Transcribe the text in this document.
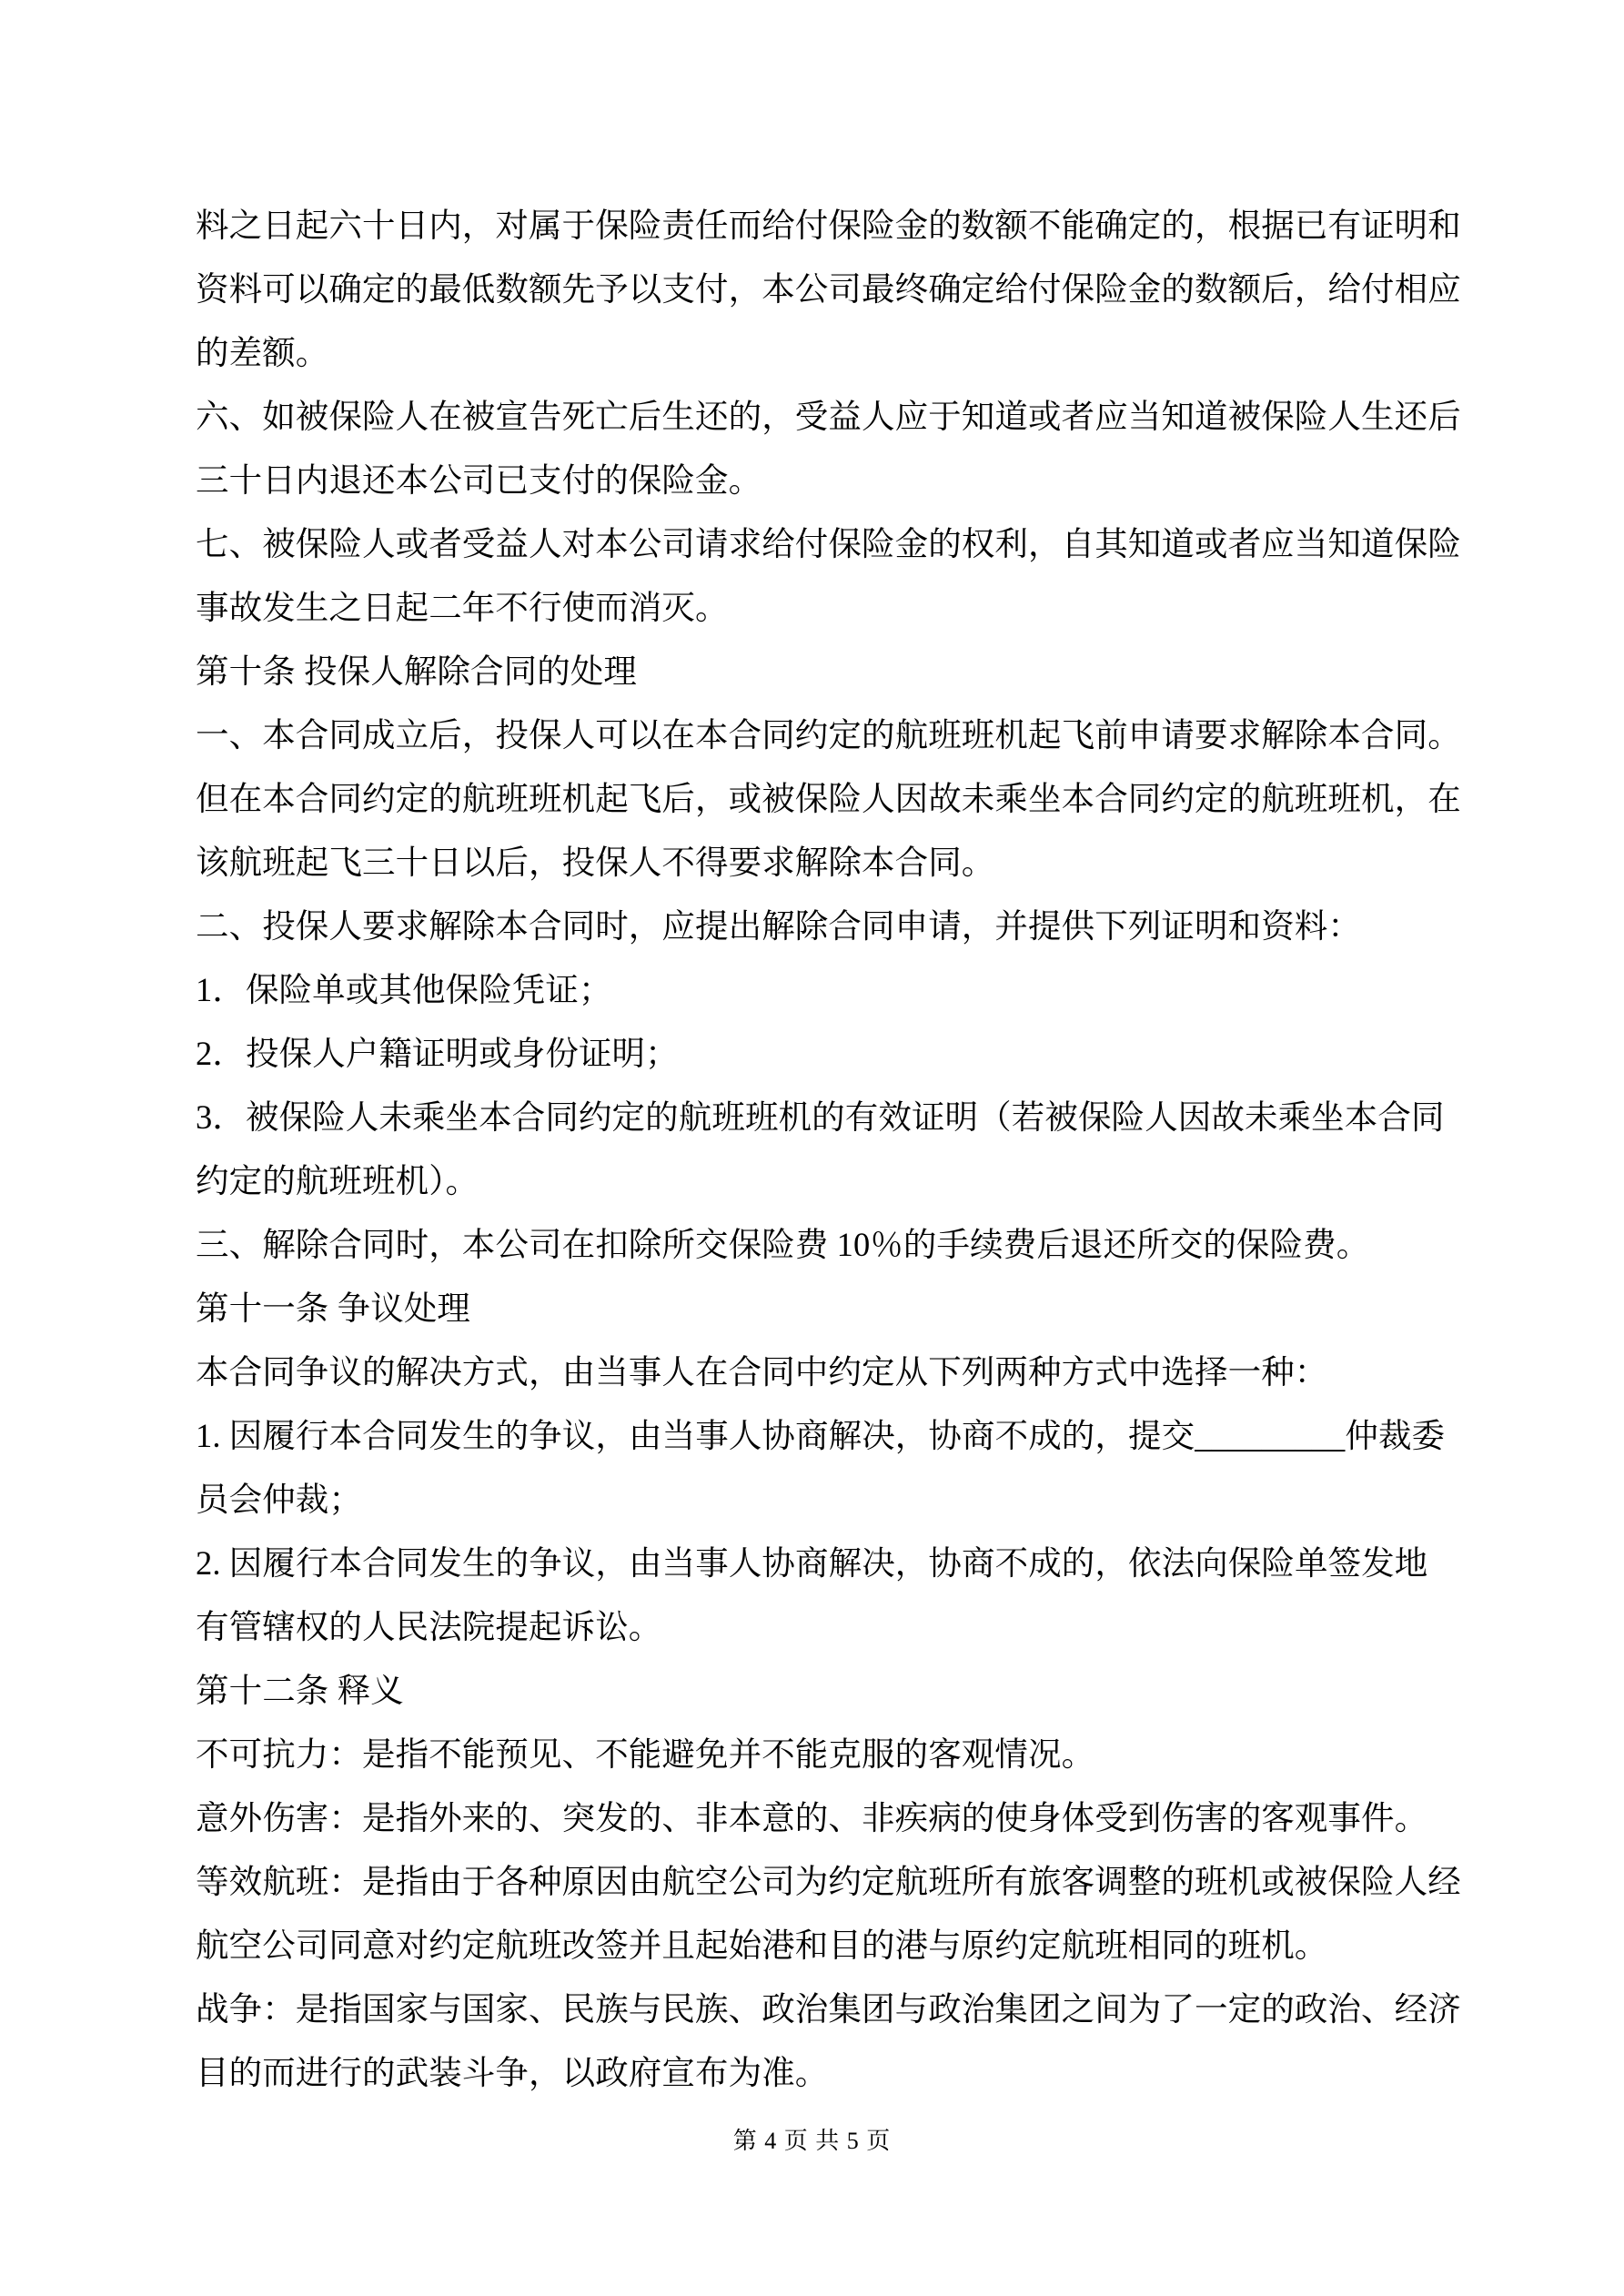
料之日起六十日内，对属于保险责任而给付保险金的数额不能确定的，根据已有证明和
资料可以确定的最低数额先予以支付，本公司最终确定给付保险金的数额后，给付相应
的差额。
六、如被保险人在被宣告死亡后生还的，受益人应于知道或者应当知道被保险人生还后
三十日内退还本公司已支付的保险金。
七、被保险人或者受益人对本公司请求给付保险金的权利，自其知道或者应当知道保险
事故发生之日起二年不行使而消灭。
第十条 投保人解除合同的处理
一、本合同成立后，投保人可以在本合同约定的航班班机起飞前申请要求解除本合同。
但在本合同约定的航班班机起飞后，或被保险人因故未乘坐本合同约定的航班班机，在
该航班起飞三十日以后，投保人不得要求解除本合同。
二、投保人要求解除本合同时，应提出解除合同申请，并提供下列证明和资料：
1．保险单或其他保险凭证；
2．投保人户籍证明或身份证明；
3．被保险人未乘坐本合同约定的航班班机的有效证明（若被保险人因故未乘坐本合同
约定的航班班机）。
三、解除合同时，本公司在扣除所交保险费 10％的手续费后退还所交的保险费。
第十一条 争议处理
本合同争议的解决方式，由当事人在合同中约定从下列两种方式中选择一种：
1. 因履行本合同发生的争议，由当事人协商解决，协商不成的，提交_________仲裁委
员会仲裁；
2. 因履行本合同发生的争议，由当事人协商解决，协商不成的，依法向保险单签发地
有管辖权的人民法院提起诉讼。
第十二条 释义
不可抗力：是指不能预见、不能避免并不能克服的客观情况。
意外伤害：是指外来的、突发的、非本意的、非疾病的使身体受到伤害的客观事件。
等效航班：是指由于各种原因由航空公司为约定航班所有旅客调整的班机或被保险人经
航空公司同意对约定航班改签并且起始港和目的港与原约定航班相同的班机。
战争：是指国家与国家、民族与民族、政治集团与政治集团之间为了一定的政治、经济
目的而进行的武装斗争，以政府宣布为准。
第 4 页 共 5 页
